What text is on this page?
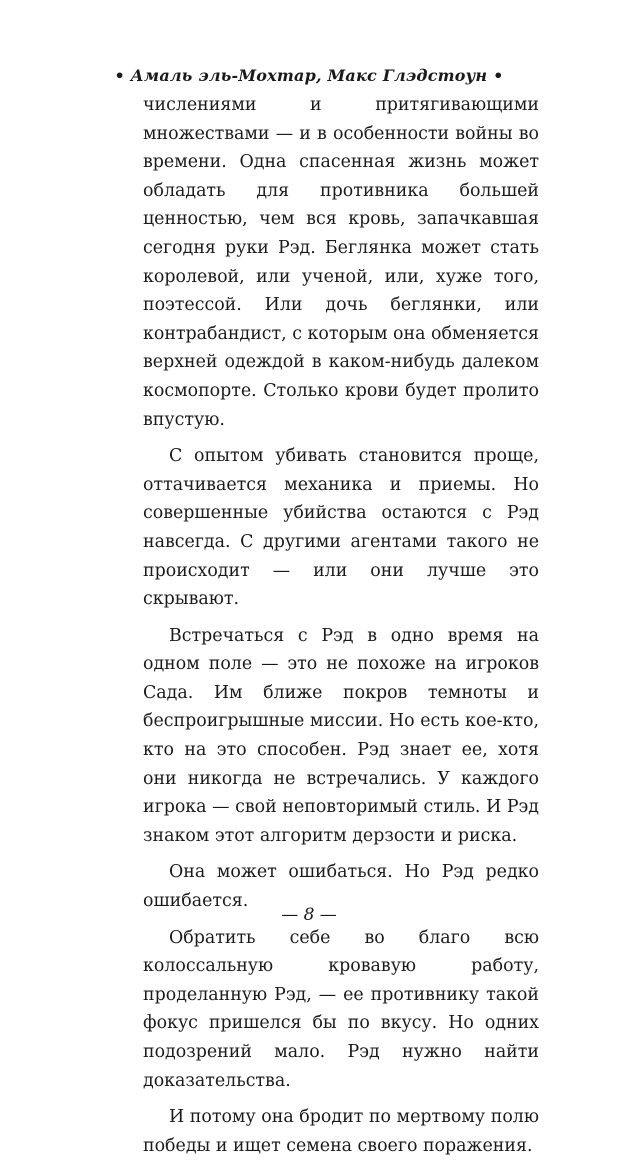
• Амаль эль-Мохтар, Макс Глэдстоун •

числениями и притягивающими множествами — и в особенности войны во времени. Одна спасенная жизнь может обладать для противника большей ценностью, чем вся кровь, запачкавшая сегодня руки Рэд. Беглянка может стать королевой, или ученой, или, хуже того, поэтессой. Или дочь беглянки, или контрабандист, с которым она обменяется верхней одеждой в каком-нибудь далеком космопорте. Столько крови будет пролито впустую.

С опытом убивать становится проще, оттачивается механика и приемы. Но совершенные убийства остаются с Рэд навсегда. С другими агентами такого не происходит — или они лучше это скрывают.

Встречаться с Рэд в одно время на одном поле — это не похоже на игроков Сада. Им ближе покров темноты и беспроигрышные миссии. Но есть кое-кто, кто на это способен. Рэд знает ее, хотя они никогда не встречались. У каждого игрока — свой неповторимый стиль. И Рэд знаком этот алгоритм дерзости и риска.

Она может ошибаться. Но Рэд редко ошибается.

Обратить себе во благо всю колоссальную кровавую работу, проделанную Рэд, — ее противнику такой фокус пришелся бы по вкусу. Но одних подозрений мало. Рэд нужно найти доказательства.

И потому она бродит по мертвому полю победы и ищет семена своего поражения.

— 8 —
